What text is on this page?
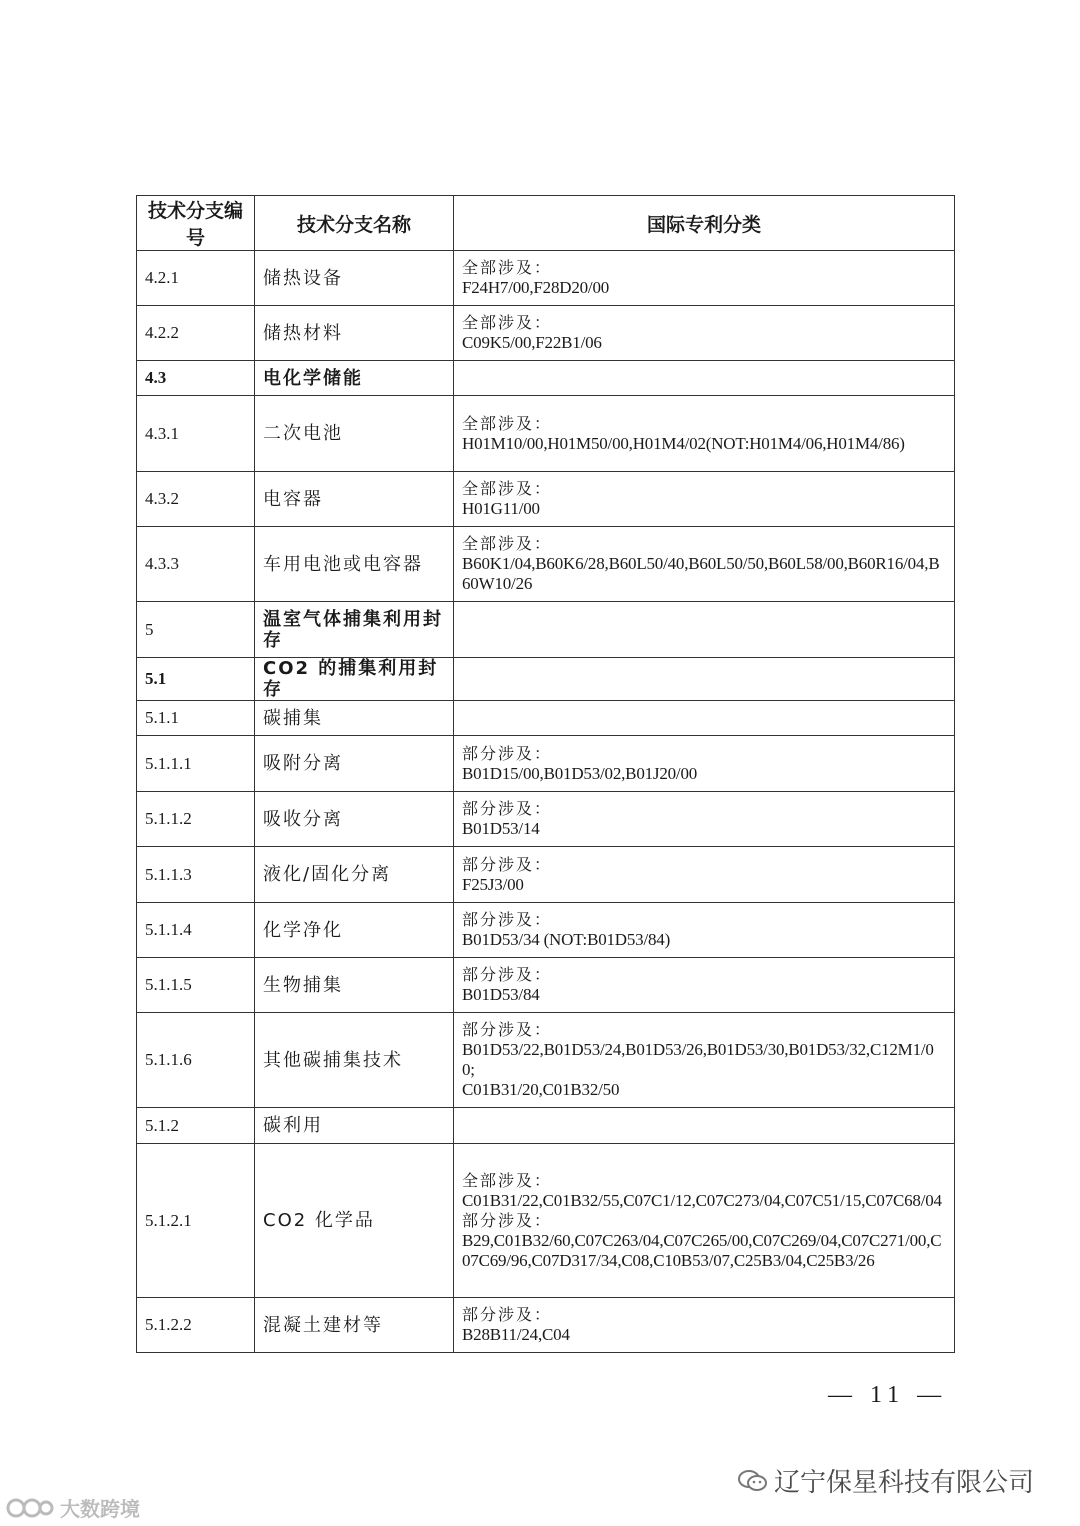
技术分支编号	技术分支名称	国际专利分类
4.2.1	储热设备	全部涉及：
F24H7/00,F28D20/00

4.2.2	储热材料	全部涉及：
C09K5/00,F22B1/06

4.3	电化学储能	
4.3.1	二次电池	全部涉及：
H01M10/00,H01M50/00,H01M4/02(NOT:H01M4/06,H01M4/86)

4.3.2	电容器	全部涉及：
H01G11/00

4.3.3	车用电池或电容器	全部涉及：
B60K1/04,B60K6/28,B60L50/40,B60L50/50,B60L58/00,B60R16/04,B60W10/26

5	温室气体捕集利用封存	
5.1	CO2 的捕集利用封存	
5.1.1	碳捕集	
5.1.1.1	吸附分离	部分涉及：
B01D15/00,B01D53/02,B01J20/00

5.1.1.2	吸收分离	部分涉及：
B01D53/14

5.1.1.3	液化/固化分离	部分涉及：
F25J3/00

5.1.1.4	化学净化	部分涉及：
B01D53/34 (NOT:B01D53/84)

5.1.1.5	生物捕集	部分涉及：
B01D53/84

5.1.1.6	其他碳捕集技术	部分涉及：
B01D53/22,B01D53/24,B01D53/26,B01D53/30,B01D53/32,C12M1/00;
C01B31/20,C01B32/50

5.1.2	碳利用	
5.1.2.1	CO2 化学品	全部涉及：
C01B31/22,C01B32/55,C07C1/12,C07C273/04,C07C51/15,C07C68/04
部分涉及：
B29,C01B32/60,C07C263/04,C07C265/00,C07C269/04,C07C271/00,C07C69/96,C07D317/34,C08,C10B53/07,C25B3/04,C25B3/26

5.1.2.2	混凝土建材等	部分涉及：
B28B11/24,C04
— 11 —
辽宁保星科技有限公司
大数跨境
